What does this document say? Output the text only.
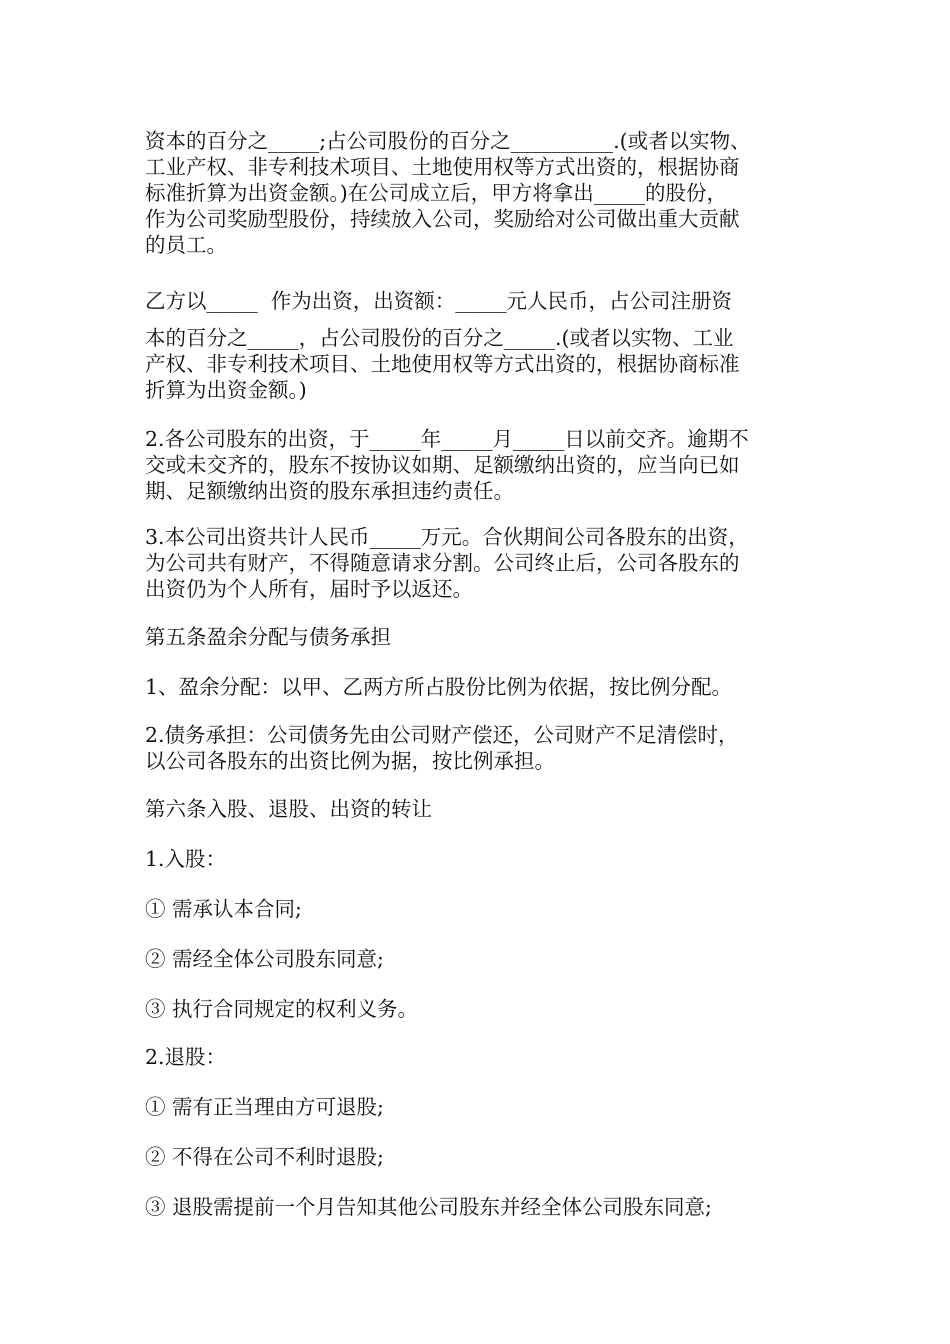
资本的百分之_____;占公司股份的百分之__________.(或者以实物、
工业产权、非专利技术项目、土地使用权等方式出资的，根据协商
标准折算为出资金额。)在公司成立后，甲方将拿出_____的股份，
作为公司奖励型股份，持续放入公司，奖励给对公司做出重大贡献
的员工。
乙方以_____  作为出资，出资额：_____元人民币，占公司注册资
本的百分之_____，占公司股份的百分之_____.(或者以实物、工业
产权、非专利技术项目、土地使用权等方式出资的，根据协商标准
折算为出资金额。)
2.各公司股东的出资，于_____年_____月_____日以前交齐。逾期不
交或未交齐的，股东不按协议如期、足额缴纳出资的，应当向已如
期、足额缴纳出资的股东承担违约责任。
3.本公司出资共计人民币_____万元。合伙期间公司各股东的出资，
为公司共有财产，不得随意请求分割。公司终止后，公司各股东的
出资仍为个人所有，届时予以返还。
第五条盈余分配与债务承担
1、盈余分配：以甲、乙两方所占股份比例为依据，按比例分配。
2.债务承担：公司债务先由公司财产偿还，公司财产不足清偿时，
以公司各股东的出资比例为据，按比例承担。
第六条入股、退股、出资的转让
1.入股：
① 需承认本合同;
② 需经全体公司股东同意;
③ 执行合同规定的权利义务。
2.退股：
① 需有正当理由方可退股;
② 不得在公司不利时退股;
③ 退股需提前一个月告知其他公司股东并经全体公司股东同意;
